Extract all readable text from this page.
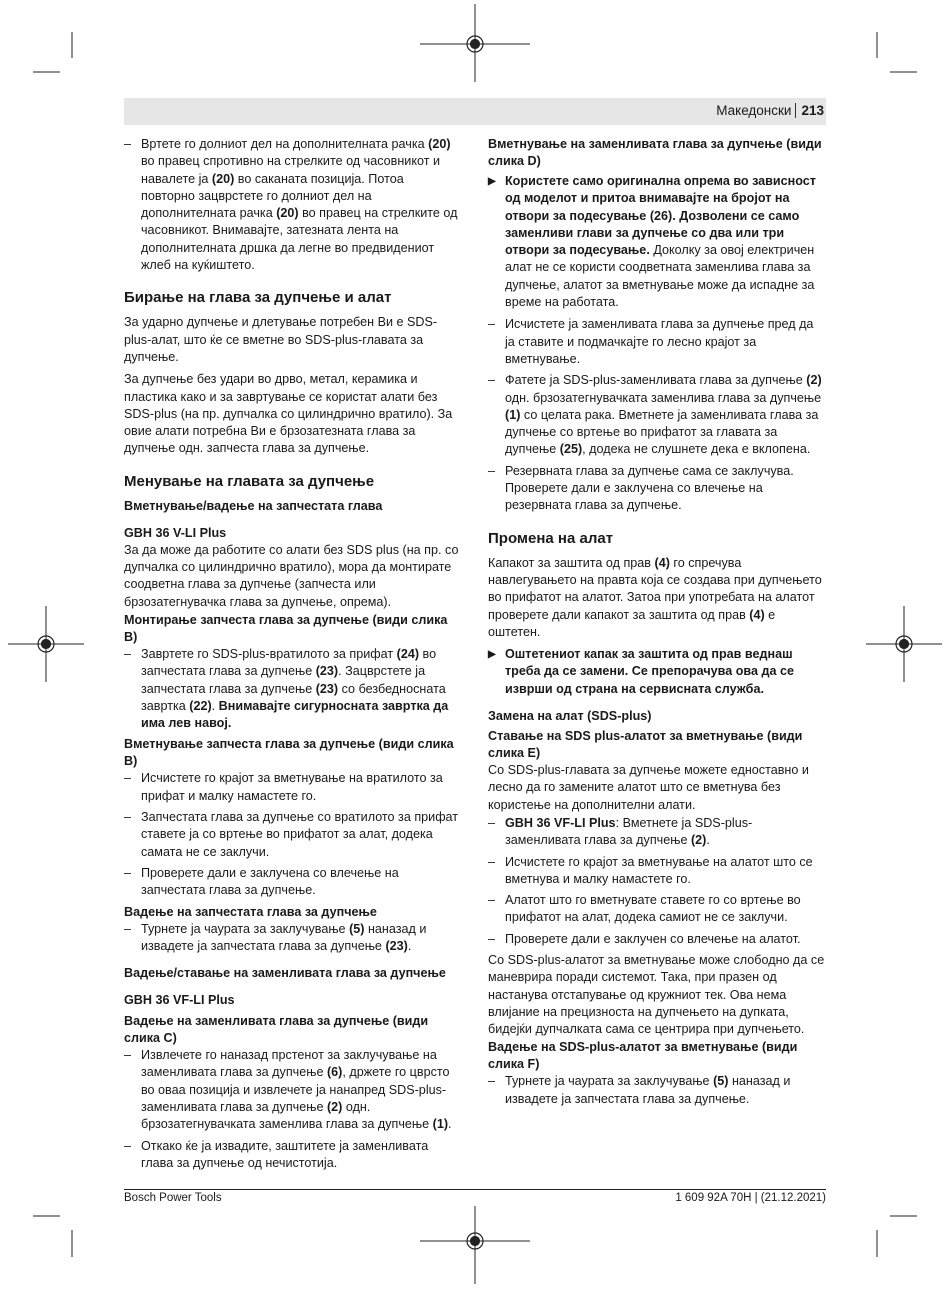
Македонски 213
– Вртете го долниот дел на дополнителната рачка (20) во правец спротивно на стрелките од часовникот и навалете ја (20) во саканата позиција. Потоа повторно зацврстете го долниот дел на дополнителната рачка (20) во правец на стрелките од часовникот. Внимавајте, затезната лента на дополнителната дршка да легне во предвидениот жлеб на куќиштето.
Бирање на глава за дупчење и алат

За ударно дупчење и длетување потребен Ви е SDS-plus-алат, што ќе се вметне во SDS-plus-главата за дупчење.

За дупчење без удари во дрво, метал, керамика и пластика како и за завртување се користат алати без SDS-plus (на пр. дупчалка со цилиндрично вратило). За овие алати потребна Ви е брзозатезната глава за дупчење одн. запчеста глава за дупчење.

Менување на главата за дупчење
Вметнување/вадење на запчестата глава
GBH 36 V-LI Plus

За да може да работите со алати без SDS plus (на пр. со дупчалка со цилиндрично вратило), мора да монтирате соодветна глава за дупчење (запчеста или брзозатегнувачка глава за дупчење, опрема).

Монтирање запчеста глава за дупчење (види слика B)
– Завртете го SDS-plus-вратилото за прифат (24) во запчестата глава за дупчење (23). Зацврстете ја запчестата глава за дупчење (23) со безбедносната завртка (22). Внимавајте сигурносната завртка да има лев навој.
Вметнување запчеста глава за дупчење (види слика B)
– Исчистете го крајот за вметнување на вратилото за прифат и малку намастете го.
– Запчестата глава за дупчење со вратилото за прифат ставете ја со вртење во прифатот за алат, додека самата не се заклучи.
– Проверете дали е заклучена со влечење на запчестата глава за дупчење.
Вадење на запчестата глава за дупчење
– Турнете ја чаурата за заклучување (5) наназад и извадете ја запчестата глава за дупчење (23).
Вадење/ставање на заменливата глава за дупчење
GBH 36 VF-LI Plus
Вадење на заменливата глава за дупчење (види слика C)
– Извлечете го наназад прстенот за заклучување на заменливата глава за дупчење (6), држете го цврсто во оваа позиција и извлечете ја нанапред SDS-plus-заменливата глава за дупчење (2) одн. брзозатегнувачката заменлива глава за дупчење (1).
– Откако ќе ја извадите, заштитете ја заменливата глава за дупчење од нечистотија.
Вметнување на заменливата глава за дупчење (види слика D)
▶ Користете само оригинална опрема во зависност од моделот и притоа внимавајте на бројот на отвори за подесување (26). Дозволени се само заменливи глави за дупчење со два или три отвори за подесување. Доколку за овој електричен алат не се користи соодветната заменлива глава за дупчење, алатот за вметнување може да испадне за време на работата.
– Исчистете ја заменливата глава за дупчење пред да ја ставите и подмачкајте го лесно крајот за вметнување.
– Фатете ја SDS-plus-заменливата глава за дупчење (2) одн. брзозатегнувачката заменлива глава за дупчење (1) со целата рака. Вметнете ја заменливата глава за дупчење со вртење во прифатот за главата за дупчење (25), додека не слушнете дека е вклопена.
– Резервната глава за дупчење сама се заклучува. Проверете дали е заклучена со влечење на резервната глава за дупчење.
Промена на алат

Капакот за заштита од прав (4) го спречува навлегувањето на правта која се создава при дупчењето во прифатот на алатот. Затоа при употребата на алатот проверете дали капакот за заштита од прав (4) е оштетен.

▶ Оштетениот капак за заштита од прав веднаш треба да се замени. Се препорачува ова да се изврши од страна на сервисната служба.
Замена на алат (SDS-plus)
Ставање на SDS plus-алатот за вметнување (види слика E)

Со SDS-plus-главата за дупчење можете едноставно и лесно да го замените алатот што се вметнува без користење на дополнителни алати.

– GBH 36 VF-LI Plus: Вметнете ја SDS-plus-заменливата глава за дупчење (2).
– Исчистете го крајот за вметнување на алатот што се вметнува и малку намастете го.
– Алатот што го вметнувате ставете го со вртење во прифатот на алат, додека самиот не се заклучи.
– Проверете дали е заклучен со влечење на алатот.

Со SDS-plus-алатот за вметнување може слободно да се маневрира поради системот. Така, при празен од настанува отстапување од кружниот тек. Ова нема влијание на прецизноста на дупчењето на дупката, бидејќи дупчалката сама се центрира при дупчењето.

Вадење на SDS-plus-алатот за вметнување (види слика F)
– Турнете ја чаурата за заклучување (5) наназад и извадете ја запчестата глава за дупчење.
Bosch Power Tools	1 609 92A 70H | (21.12.2021)
